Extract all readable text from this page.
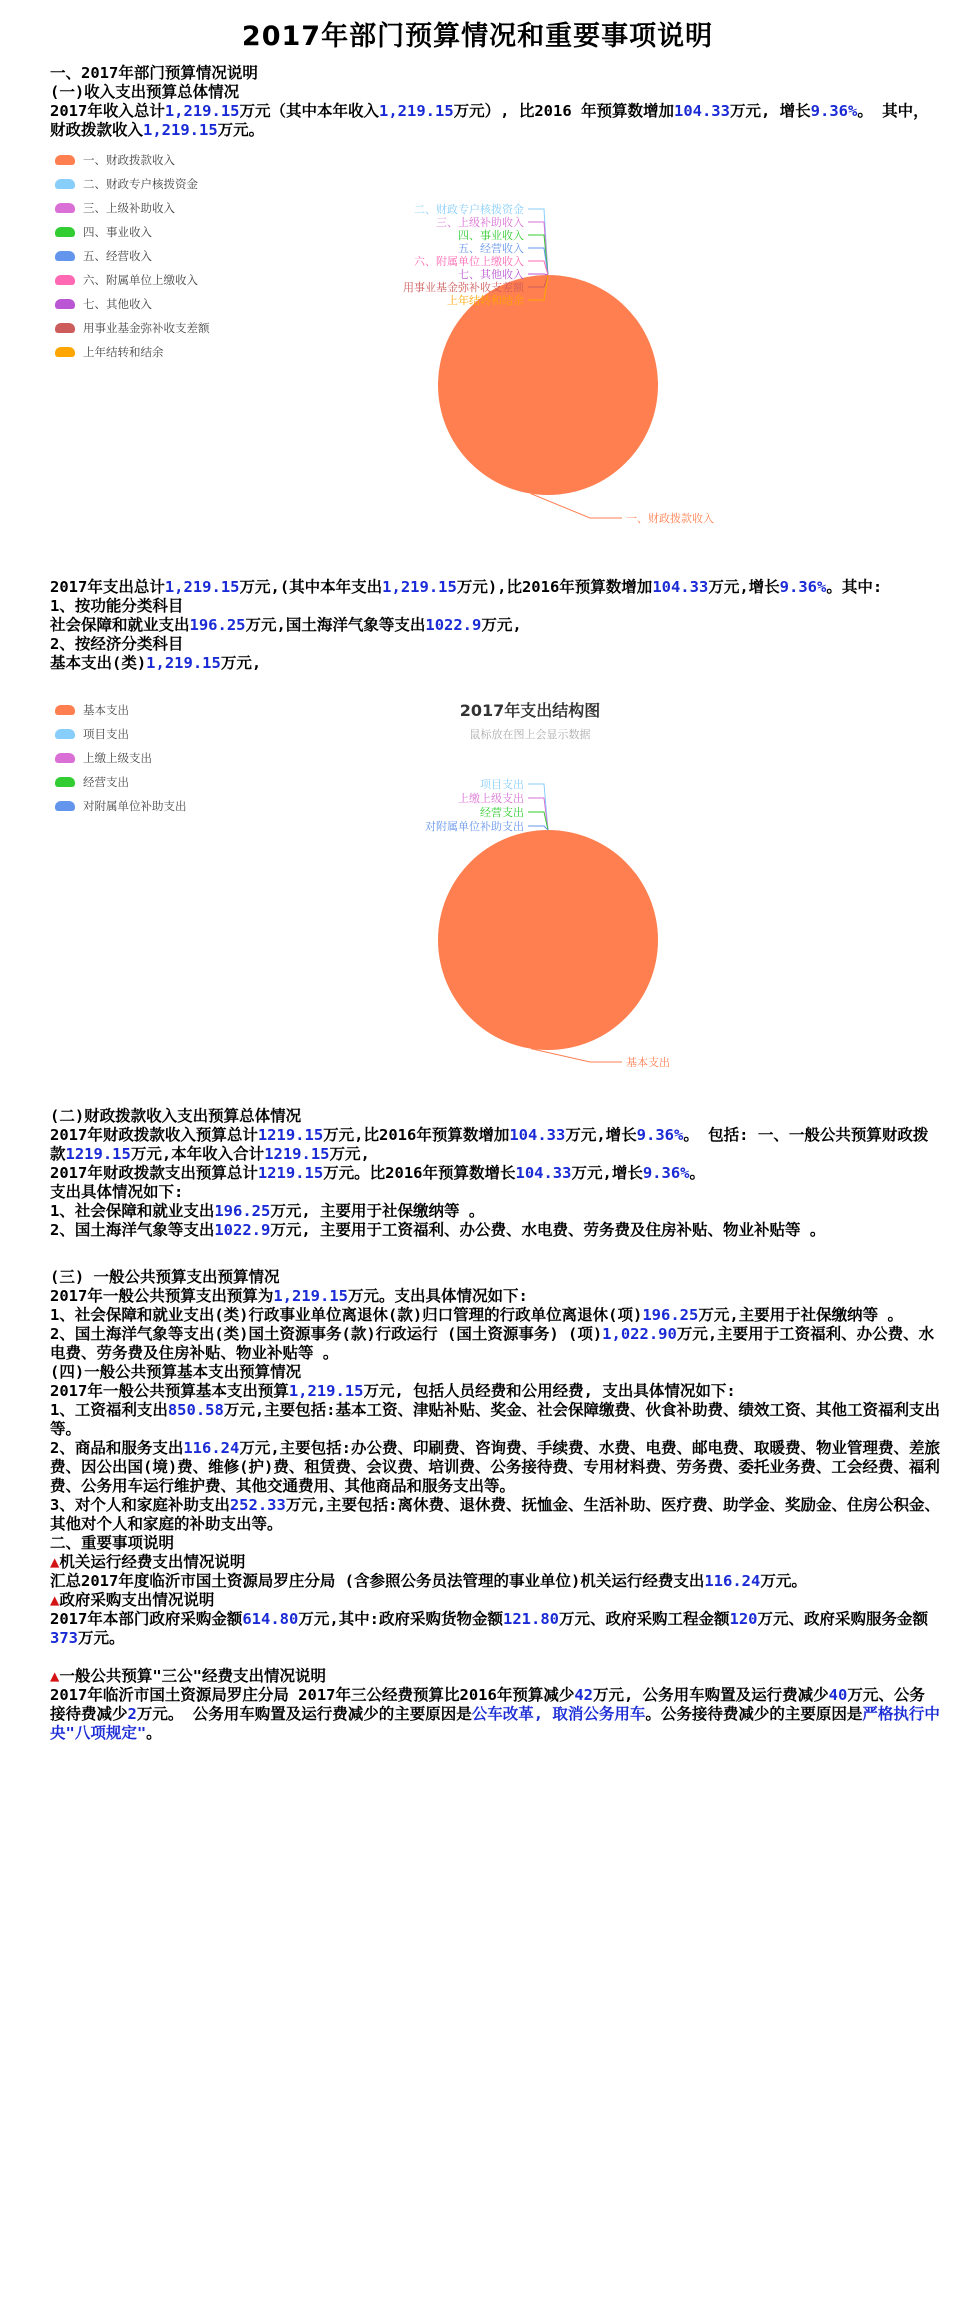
2017年部门预算情况和重要事项说明

一、2017年部门预算情况说明

(一)收入支出预算总体情况

2017年收入总计1,219.15万元（其中本年收入1,219.15万元）, 比2016 年预算数增加104.33万元, 增长9.36%。 其中，财政拨款收入1,219.15万元。

一、财政拨款收入
二、财政专户核拨资金
三、上级补助收入
四、事业收入
五、经营收入
六、附属单位上缴收入
七、其他收入
用事业基金弥补收支差额
上年结转和结余
一、财政拨款收入
二、财政专户核拨资金
三、上级补助收入
四、事业收入
五、经营收入
六、附属单位上缴收入
七、其他收入
用事业基金弥补收支差额
上年结转和结余

2017年支出总计1,219.15万元,(其中本年支出1,219.15万元),比2016年预算数增加104.33万元,增长9.36%。其中:

1、按功能分类科目

社会保障和就业支出196.25万元,国土海洋气象等支出1022.9万元,

2、按经济分类科目

基本支出(类)1,219.15万元,

基本支出
项目支出
上缴上级支出
经营支出
对附属单位补助支出
2017年支出结构图
鼠标放在图上会显示数据
基本支出
项目支出
上缴上级支出
经营支出
对附属单位补助支出

(二)财政拨款收入支出预算总体情况

2017年财政拨款收入预算总计1219.15万元,比2016年预算数增加104.33万元,增长9.36%。 包括: 一、一般公共预算财政拨款1219.15万元,本年收入合计1219.15万元,

2017年财政拨款支出预算总计1219.15万元。比2016年预算数增长104.33万元,增长9.36%。

支出具体情况如下:

1、社会保障和就业支出196.25万元, 主要用于社保缴纳等 。

2、国土海洋气象等支出1022.9万元, 主要用于工资福利、办公费、水电费、劳务费及住房补贴、物业补贴等 。

(三) 一般公共预算支出预算情况

2017年一般公共预算支出预算为1,219.15万元。支出具体情况如下:

1、社会保障和就业支出(类)行政事业单位离退休(款)归口管理的行政单位离退休(项)196.25万元,主要用于社保缴纳等 。

2、国土海洋气象等支出(类)国土资源事务(款)行政运行 (国土资源事务) (项)1,022.90万元,主要用于工资福利、办公费、水电费、劳务费及住房补贴、物业补贴等 。

(四)一般公共预算基本支出预算情况

2017年一般公共预算基本支出预算1,219.15万元, 包括人员经费和公用经费, 支出具体情况如下:

1、工资福利支出850.58万元,主要包括:基本工资、津贴补贴、奖金、社会保障缴费、伙食补助费、绩效工资、其他工资福利支出等。

2、商品和服务支出116.24万元,主要包括:办公费、印刷费、咨询费、手续费、水费、电费、邮电费、取暖费、物业管理费、差旅费、因公出国(境)费、维修(护)费、租赁费、会议费、培训费、公务接待费、专用材料费、劳务费、委托业务费、工会经费、福利费、公务用车运行维护费、其他交通费用、其他商品和服务支出等。

3、对个人和家庭补助支出252.33万元,主要包括:离休费、退休费、抚恤金、生活补助、医疗费、助学金、奖励金、住房公积金、其他对个人和家庭的补助支出等。

二、重要事项说明

▲机关运行经费支出情况说明

汇总2017年度临沂市国土资源局罗庄分局 (含参照公务员法管理的事业单位)机关运行经费支出116.24万元。

▲政府采购支出情况说明

2017年本部门政府采购金额614.80万元,其中:政府采购货物金额121.80万元、政府采购工程金额120万元、政府采购服务金额373万元。

▲一般公共预算"三公"经费支出情况说明

2017年临沂市国土资源局罗庄分局 2017年三公经费预算比2016年预算减少42万元, 公务用车购置及运行费减少40万元、公务接待费减少2万元。 公务用车购置及运行费减少的主要原因是公车改革, 取消公务用车。公务接待费减少的主要原因是严格执行中央"八项规定"。
